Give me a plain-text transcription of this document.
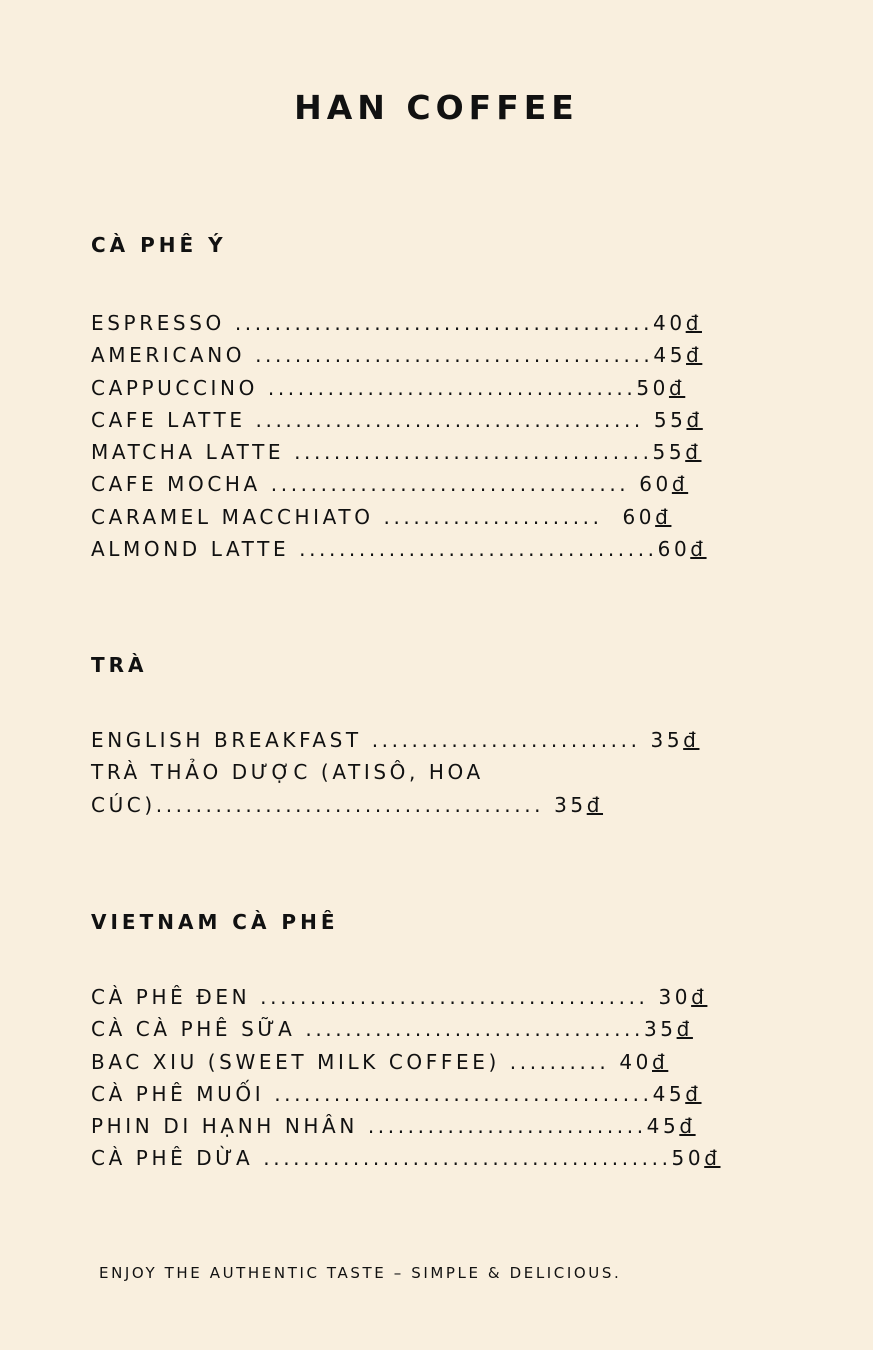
HAN COFFEE
CÀ PHÊ Ý
ESPRESSO ..........................................40đ
AMERICANO ........................................45đ
CAPPUCCINO .....................................50đ
CAFE LATTE ....................................... 55đ
MATCHA LATTE ....................................55đ
CAFE MOCHA .................................... 60đ
CARAMEL MACCHIATO ......................  60đ
ALMOND LATTE ....................................60đ
TRÀ
ENGLISH BREAKFAST ........................... 35đ
TRÀ THẢO DƯỢC (ATISÔ, HOA
CÚC)....................................... 35đ
VIETNAM CÀ PHÊ
CÀ PHÊ ĐEN ....................................... 30đ
CÀ CÀ PHÊ SỮA ..................................35đ
BAC XIU (SWEET MILK COFFEE) .......... 40đ
CÀ PHÊ MUỐI ......................................45đ
PHIN DI HẠNH NHÂN ............................45đ
CÀ PHÊ DỪA .........................................50đ

ENJOY THE AUTHENTIC TASTE – SIMPLE & DELICIOUS.
